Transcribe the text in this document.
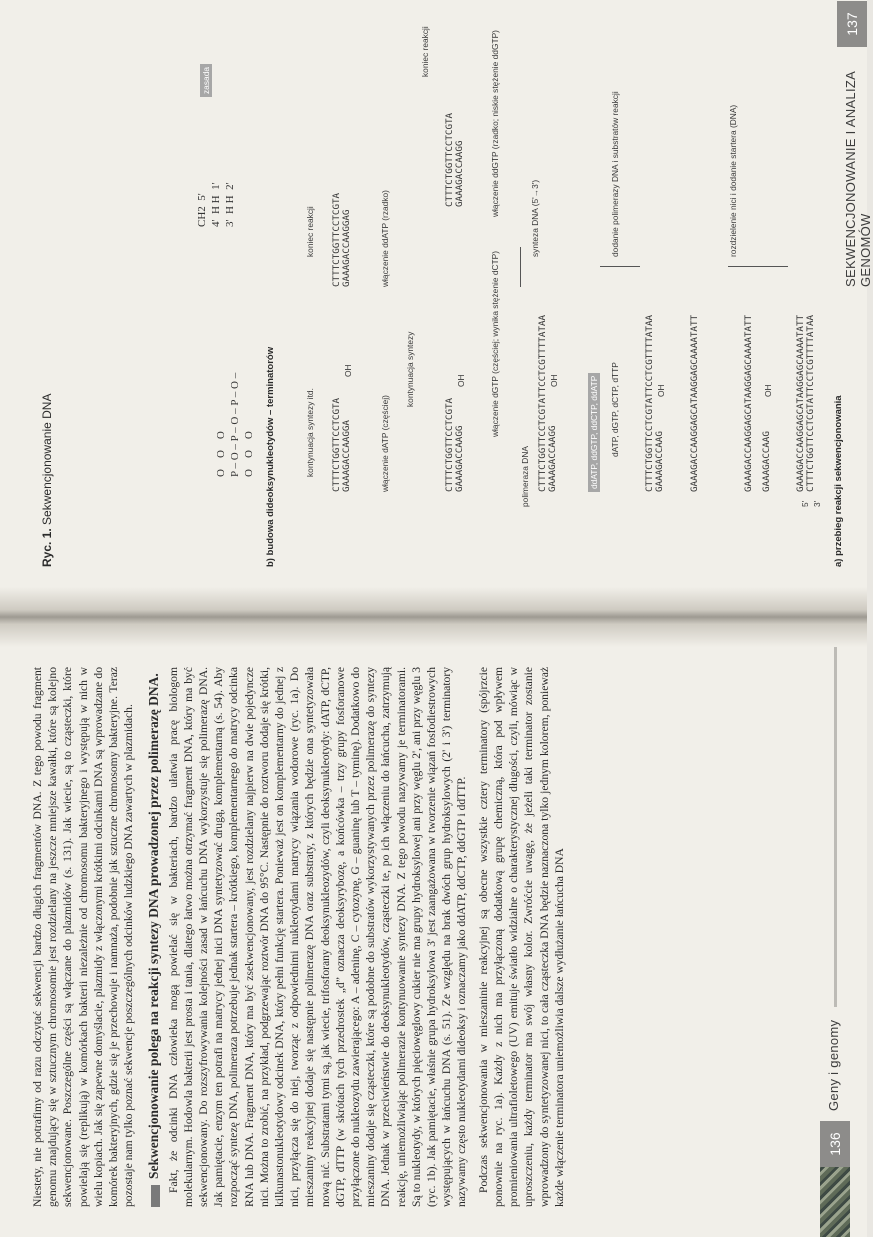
Niestety, nie potrafimy od razu odczytać sekwencji bardzo długich fragmentów DNA. Z tego powodu fragment genomu znajdujący się w sztucznym chromosomie jest rozdzielany na jeszcze mniejsze kawałki, które są kolejno sekwencjonowane. Poszczególne części są włączane do plazmidów (s. 131). Jak wiecie, są to cząsteczki, które powielają się (replikują) w komórkach bakterii niezależnie od chromosomu bakteryjnego i występują w nich w wielu kopiach. Jak się zapewne domyślacie, plazmidy z włączonymi krótkimi odcinkami DNA są wprowadzane do komórek bakteryjnych, gdzie się je przechowuje i namnaża, podobnie jak sztuczne chromosomy bakteryjne. Teraz pozostaje nam tylko poznać sekwencje poszczególnych odcinków ludzkiego DNA zawartych w plazmidach. Sekwencjonowanie polega na reakcji syntezy DNA prowadzonej przez polimerazę DNA. Fakt, że odcinki DNA człowieka mogą powielać się w bakteriach, bardzo ułatwia pracę biologom molekularnym. Hodowla bakterii jest prosta i tania, dlatego łatwo można otrzymać fragment DNA, który ma być sekwencjonowany. Do rozszyfrowywania kolejności zasad w łańcuchu DNA wykorzystuje się polimerazę DNA. Jak pamiętacie, enzym ten potrafi na matrycy jednej nici DNA syntetyzować drugą, komplementarną (s. 54). Aby rozpocząć syntezę DNA, polimeraza potrzebuje jednak startera – krótkiego, komplementarnego do matrycy odcinka RNA lub DNA. Fragment DNA, który ma być zsekwencjonowany, jest rozdzielany najpierw na dwie pojedyncze nici. Można to zrobić, na przykład, podgrzewając roztwór DNA do 95°C. Następnie do roztworu dodaje się krótki, kilkunastonukleotydowy odcinek DNA, który pełni funkcję startera. Ponieważ jest on komplementarny do jednej z nici, przyłącza się do niej, tworząc z odpowiednimi nukleotydami matrycy wiązania wodorowe (ryc. 1a). Do mieszaniny reakcyjnej dodaje się następnie polimerazę DNA oraz substraty, z których będzie ona syntetyzowała nową nić. Substratami tymi są, jak wiecie, trifosforany deoksynukleozydów, czyli deoksynukleotydy: dATP, dCTP, dGTP, dTTP (w skrótach tych przedrostek „d” oznacza deoksyrybozę, a końcówka – trzy grupy fosforanowe przyłączone do nukleozydu zawierającego: A – adeninę, C – cytozynę, G – guaninę lub T – tyminę). Dodatkowo do mieszaniny dodaje się cząsteczki, które są podobne do substratów wykorzystywanych przez polimerazę do syntezy DNA. Jednak w przeciwieństwie do deoksynukleotydów, cząsteczki te, po ich włączeniu do łańcucha, zatrzymują reakcję, uniemożliwiając polimerazie kontynuowanie syntezy DNA. Z tego powodu nazywamy je terminatorami. Są to nukleotydy, w których pięciowęglowy cukier nie ma grupy hydroksylowej ani przy węglu 2', ani przy węglu 3 (ryc. 1b). Jak pamiętacie, właśnie grupa hydroksylowa 3' jest zaangażowana w tworzenie wiązań fosfodiestrowych występujących w łańcuchu DNA (s. 51). Ze względu na brak dwóch grup hydroksylowych (2' i 3') terminatory nazywamy często nukleotydami dideoksy i oznaczamy jako ddATP, ddCTP, ddGTP i ddTTP. Podczas sekwencjonowania w mieszaninie reakcyjnej są obecne wszystkie cztery terminatory (spójrzcie ponownie na ryc. 1a). Każdy z nich ma przyłączoną dodatkową grupę chemiczną, która pod wpływem promieniowania ultrafioletowego (UV) emituje światło widzialne o charakterystycznej długości, czyli, mówiąc w uproszczeniu, każdy terminator ma swój własny kolor. Zwróćcie uwagę, że jeżeli taki terminator zostanie wprowadzony do syntetyzowanej nici, to cała cząsteczka DNA będzie naznaczona tylko jednym kolorem, ponieważ każde włączenie terminatora uniemożliwia dalsze wydłużanie łańcucha DNA	136
Geny i genomy
a) przebieg reakcji sekwencjonowania
5'
GAAAGACCAAGGAGCATAAGGAGCAAAATATT CTTTCTGGTTCCTCGTATTCCTCGTTTTATAA
3'
GAAAGACCAAG
OH
GAAAGACCAAGGAGCATAAGGAGCAAAATATT
rozdzielenie nici i dodanie startera (DNA)
GAAAGACCAAGGAGCATAAGGAGCAAAATATT
GAAAGACCAAG
OH
CTTTCTGGTTCCTCGTATTCCTCGTTTTATAA
dATP, dGTP, dCTP, dTTP
ddATP, ddGTP, ddCTP, ddATP
dodanie polimerazy DNA i substratów reakcji
GAAAGACCAAGG
OH
CTTTCTGGTTCCTCGTATTCCTCGTTTTATAA
polimeraza DNA
synteza DNA (5'→3')
włączenie dGTP (częściej; wynika stężenie dCTP)
włączenie ddGTP (rzadko; niskie stężenie ddGTP)
GAAAGACCAAGG
OH
CTTTCTGGTTCCTCGTA
GAAAGACCAAGG
CTTTCTGGTTCCTCGTA
koniec reakcji
kontynuacja syntezy
włączenie dATP (częściej)
włączenie ddATP (rzadko)
GAAAGACCAAGGA
OH
CTTTCTGGTTCCTCGTA
GAAAGACCAAGGAG
CTTTCTGGTTCCTCGTA
koniec reakcji
kontynuacja syntezy itd.
b) budowa dideoksynukleotydów – terminatorów

O    O    O
P – O – P – O – P – O –
O    O    O
CH2  5'
4'  H H  1'
3'  H H  2'
zasada
Ryc. 1. Sekwencjonowanie DNA
SEKWENCJONOWANIE I ANALIZA GENOMÓW
137
